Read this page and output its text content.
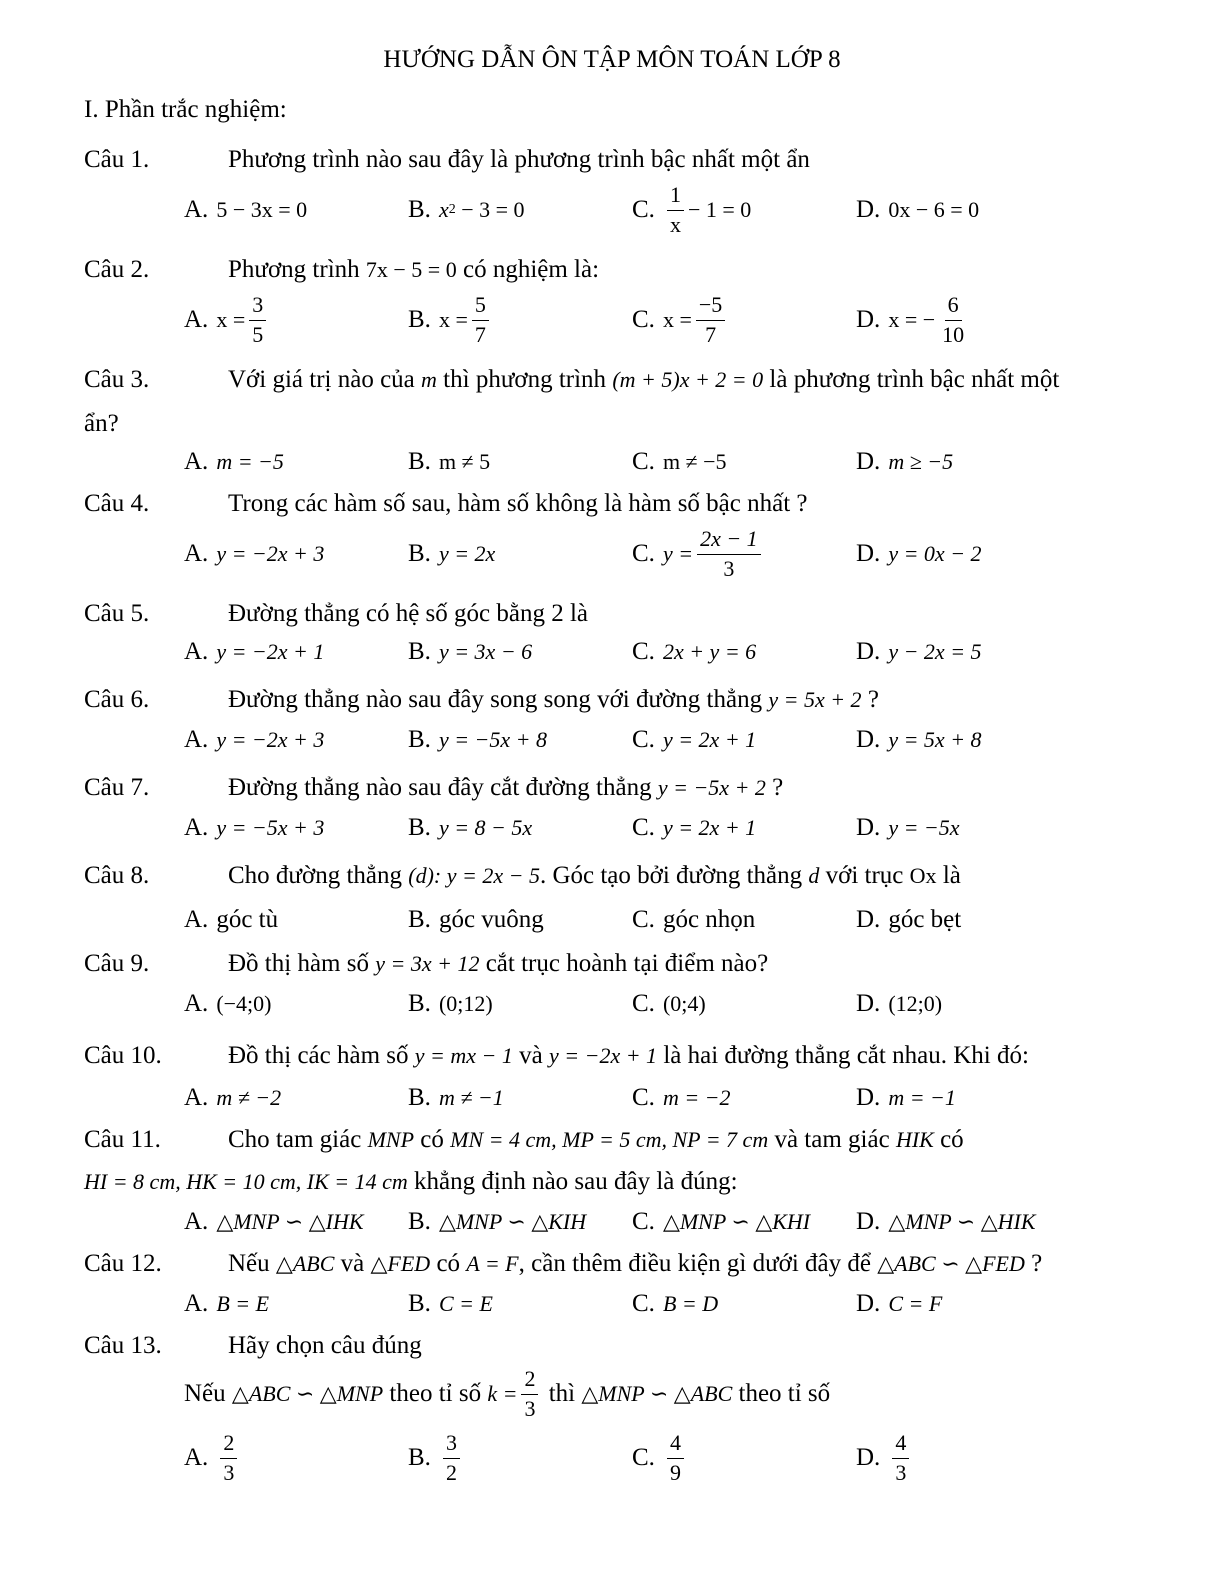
HƯỚNG DẪN ÔN TẬP MÔN TOÁN LỚP 8
I. Phần trắc nghiệm:
Câu 1.	Phương trình nào sau đây là phương trình bậc nhất một ẩn
A. 5 − 3x = 0	B. x 2 − 3 = 0	C. $\frac{1}{x} - 1 = 0$	D. 0x − 6 = 0
Câu 2.	Phương trình 7x − 5 = 0 có nghiệm là:
A. $x = \frac{3}{5}$	B. $x = \frac{5}{7}$	C. $x = \frac{-5}{7}$	D. x = − $\frac{6}{10}$
Câu 3.	Với giá trị nào của m thì phương trình (m + 5)x + 2 = 0 là phương trình bậc nhất một
ẩn?
A. m = −5	B. m ≠ 5	C. m ≠ −5	D. m ≥ −5
Câu 4.	Trong các hàm số sau, hàm số không là hàm số bậc nhất ?
A. y = −2x + 3	B. y = 2x	C. $y = \frac{2x - 1}{3}$	D. y = 0x − 2
Câu 5.	Đường thẳng có hệ số góc bằng 2 là
A. y = −2x + 1	B. y = 3x − 6	C. 2x + y = 6	D. y − 2x = 5
Câu 6.	Đường thẳng nào sau đây song song với đường thẳng y = 5x + 2 ?
A. y = −2x + 3	B. y = −5x + 8	C. y = 2x + 1	D. y = 5x + 8
Câu 7.	Đường thẳng nào sau đây cắt đường thẳng y = −5x + 2 ?
A. y = −5x + 3	B. y = 8 − 5x	C. y = 2x + 1	D. y = −5x
Câu 8.	Cho đường thẳng (d): y = 2x − 5. Góc tạo bởi đường thẳng d với trục Ox là
A. góc tù	B. góc vuông	C. góc nhọn	D. góc bẹt
Câu 9.	Đồ thị hàm số y = 3x + 12 cắt trục hoành tại điểm nào?
A. (−4;0)	B. (0;12)	C. (0;4)	D. (12;0)
Câu 10.	Đồ thị các hàm số y = mx − 1 và y = −2x + 1 là hai đường thẳng cắt nhau. Khi đó:
A. m ≠ −2	B. m ≠ −1	C. m = −2	D. m = −1
Câu 11.	Cho tam giác MNP có MN = 4 cm, MP = 5 cm, NP = 7 cm và tam giác HIK có
HI = 8 cm, HK = 10 cm, IK = 14 cm khẳng định nào sau đây là đúng:
A. △MNP ∽ △IHK B. △MNP ∽ △KIH C. △MNP ∽ △KHI D. △MNP ∽ △HIK
Câu 12.	Nếu △ABC và △FED có A = F, cần thêm điều kiện gì dưới đây để △ABC ∽ △FED ?
A. B = E	B. C = E	C. B = D	D. C = F
Câu 13.	Hãy chọn câu đúng
Nếu
△ABC ∽ △MNP
theo tỉ số
$k = \frac{2}{3}$
thì
△MNP ∽ △ABC
theo tỉ số
A. $\frac{2}{3}$	B. $\frac{3}{2}$	C. $\frac{4}{9}$	D. $\frac{4}{3}$
